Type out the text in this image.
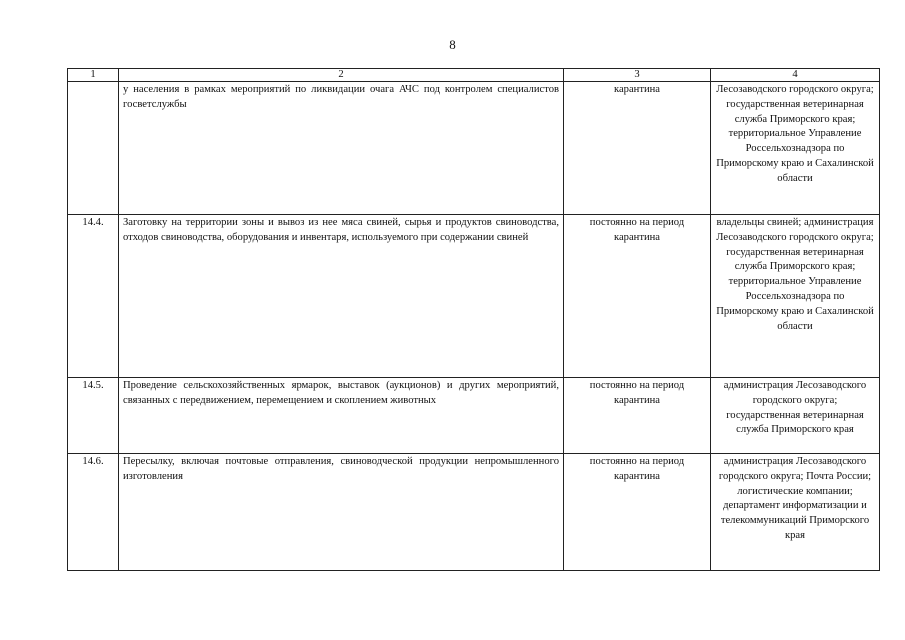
8
1	2	3	4

	у населения в рамках мероприятий по ликвидации очага АЧС под контролем специалистов госветслужбы	карантина	Лесозаводского городского округа; государственная ветеринарная служба Приморского края; территориальное Управление Россельхознадзора по Приморскому краю и Сахалинской области

14.4.	Заготовку на территории зоны и вывоз из нее мяса свиней, сырья и продуктов свиноводства, отходов свиноводства, оборудования и инвентаря, используемого при содержании свиней	постоянно на период карантина	владельцы свиней; администрация Лесозаводского городского округа; государственная ветеринарная служба Приморского края; территориальное Управление Россельхознадзора по Приморскому краю и Сахалинской области

14.5.	Проведение сельскохозяйственных ярмарок, выставок (аукционов) и других мероприятий, связанных с передвижением, перемещением и скоплением животных	постоянно на период карантина	администрация Лесозаводского городского округа; государственная ветеринарная служба Приморского края

14.6.	Пересылку, включая почтовые отправления, свиноводческой продукции непромышленного изготовления	постоянно на период карантина	администрация Лесозаводского городского округа; Почта России; логистические компании; департамент информатизации и телекоммуникаций Приморского края
